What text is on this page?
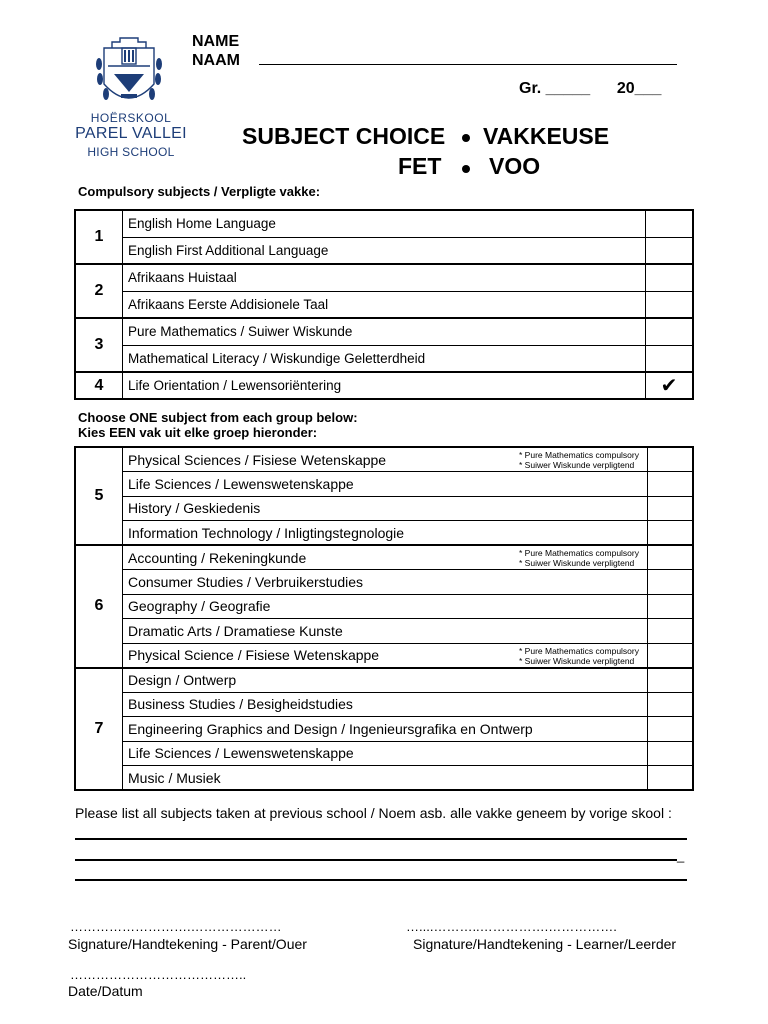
HOËRSKOOL
PAREL VALLEI
HIGH SCHOOL
NAME
NAAM
Gr. _____      20___
SUBJECT CHOICE VAKKEUSE
FET VOO
Compulsory subjects / Verpligte vakke:
1	English Home Language	
	English First Additional Language	
2	Afrikaans Huistaal	
	Afrikaans Eerste Addisionele Taal	
3	Pure Mathematics / Suiwer Wiskunde	
	Mathematical Literacy / Wiskundige Geletterdheid	
4	Life Orientation / Lewensoriëntering	✔
Choose ONE subject from each group below:
Kies EEN vak uit elke groep hieronder:
5	Physical Sciences / Fisiese Wetenskappe * Pure Mathematics compulsory
* Suiwer Wiskunde verpligtend	

	Life Sciences / Lewenswetenskappe	
	History / Geskiedenis	
	Information Technology / Inligtingstegnologie	
6	Accounting / Rekeningkunde * Pure Mathematics compulsory
* Suiwer Wiskunde verpligtend	

	Consumer Studies / Verbruikerstudies	
	Geography / Geografie	
	Dramatic Arts / Dramatiese Kunste	
	Physical Science / Fisiese Wetenskappe * Pure Mathematics compulsory
* Suiwer Wiskunde verpligtend	

7	Design / Ontwerp	
	Business Studies / Besigheidstudies	
	Engineering Graphics and Design / Ingenieursgrafika en Ontwerp	
	Life Sciences / Lewenswetenskappe	
	Music / Musiek	
Please list all subjects taken at previous school / Noem asb. alle vakke geneem by vorige skool :
_
……………………….…………………
Signature/Handtekening - Parent/Ouer
…....………..…………….…………….
Signature/Handtekening - Learner/Leerder
…………………………………..
Date/Datum
